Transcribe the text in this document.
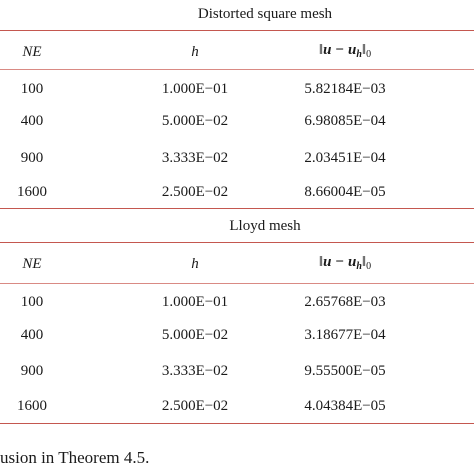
Distorted square mesh
NE	h	‖u − $u_h‖_0$
100	1.000E−01	5.82184E−03
400	5.000E−02	6.98085E−04
900	3.333E−02	2.03451E−04
1600	2.500E−02	8.66004E−05
Lloyd mesh
NE	h	‖u − $u_h‖_0$
100	1.000E−01	2.65768E−03
400	5.000E−02	3.18677E−04
900	3.333E−02	9.55500E−05
1600	2.500E−02	4.04384E−05
usion in Theorem 4.5.
